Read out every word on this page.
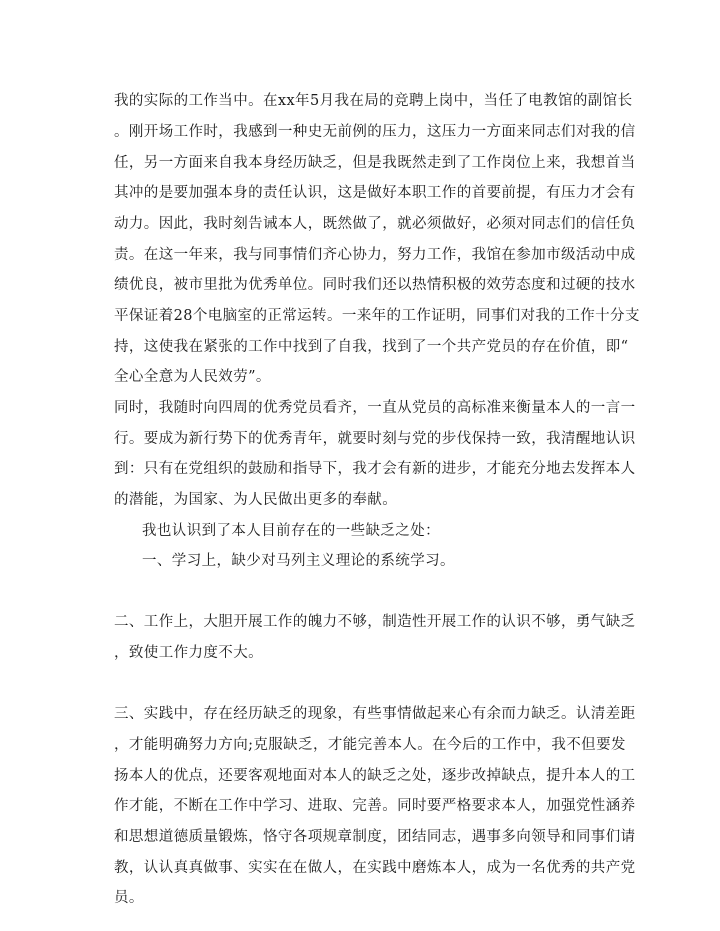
我的实际的工作当中。在xx年5月我在局的竞聘上岗中，当任了电教馆的副馆长
。刚开场工作时，我感到一种史无前例的压力，这压力一方面来同志们对我的信
任，另一方面来自我本身经历缺乏，但是我既然走到了工作岗位上来，我想首当
其冲的是要加强本身的责任认识，这是做好本职工作的首要前提，有压力才会有
动力。因此，我时刻告诫本人，既然做了，就必须做好，必须对同志们的信任负
责。在这一年来，我与同事情们齐心协力，努力工作，我馆在参加市级活动中成
绩优良，被市里批为优秀单位。同时我们还以热情积极的效劳态度和过硬的技水
平保证着28个电脑室的正常运转。一来年的工作证明，同事们对我的工作十分支
持，这使我在紧张的工作中找到了自我，找到了一个共产党员的存在价值，即“
全心全意为人民效劳”。
同时，我随时向四周的优秀党员看齐，一直从党员的高标准来衡量本人的一言一
行。要成为新行势下的优秀青年，就要时刻与党的步伐保持一致，我清醒地认识
到：只有在党组织的鼓励和指导下，我才会有新的进步，才能充分地去发挥本人
的潜能，为国家、为人民做出更多的奉献。
我也认识到了本人目前存在的一些缺乏之处：
一、学习上，缺少对马列主义理论的系统学习。
二、工作上，大胆开展工作的魄力不够，制造性开展工作的认识不够，勇气缺乏
，致使工作力度不大。
三、实践中，存在经历缺乏的现象，有些事情做起来心有余而力缺乏。认清差距
，才能明确努力方向;克服缺乏，才能完善本人。在今后的工作中，我不但要发
扬本人的优点，还要客观地面对本人的缺乏之处，逐步改掉缺点，提升本人的工
作才能，不断在工作中学习、进取、完善。同时要严格要求本人，加强党性涵养
和思想道德质量锻炼，恪守各项规章制度，团结同志，遇事多向领导和同事们请
教，认认真真做事、实实在在做人，在实践中磨炼本人，成为一名优秀的共产党
员。
